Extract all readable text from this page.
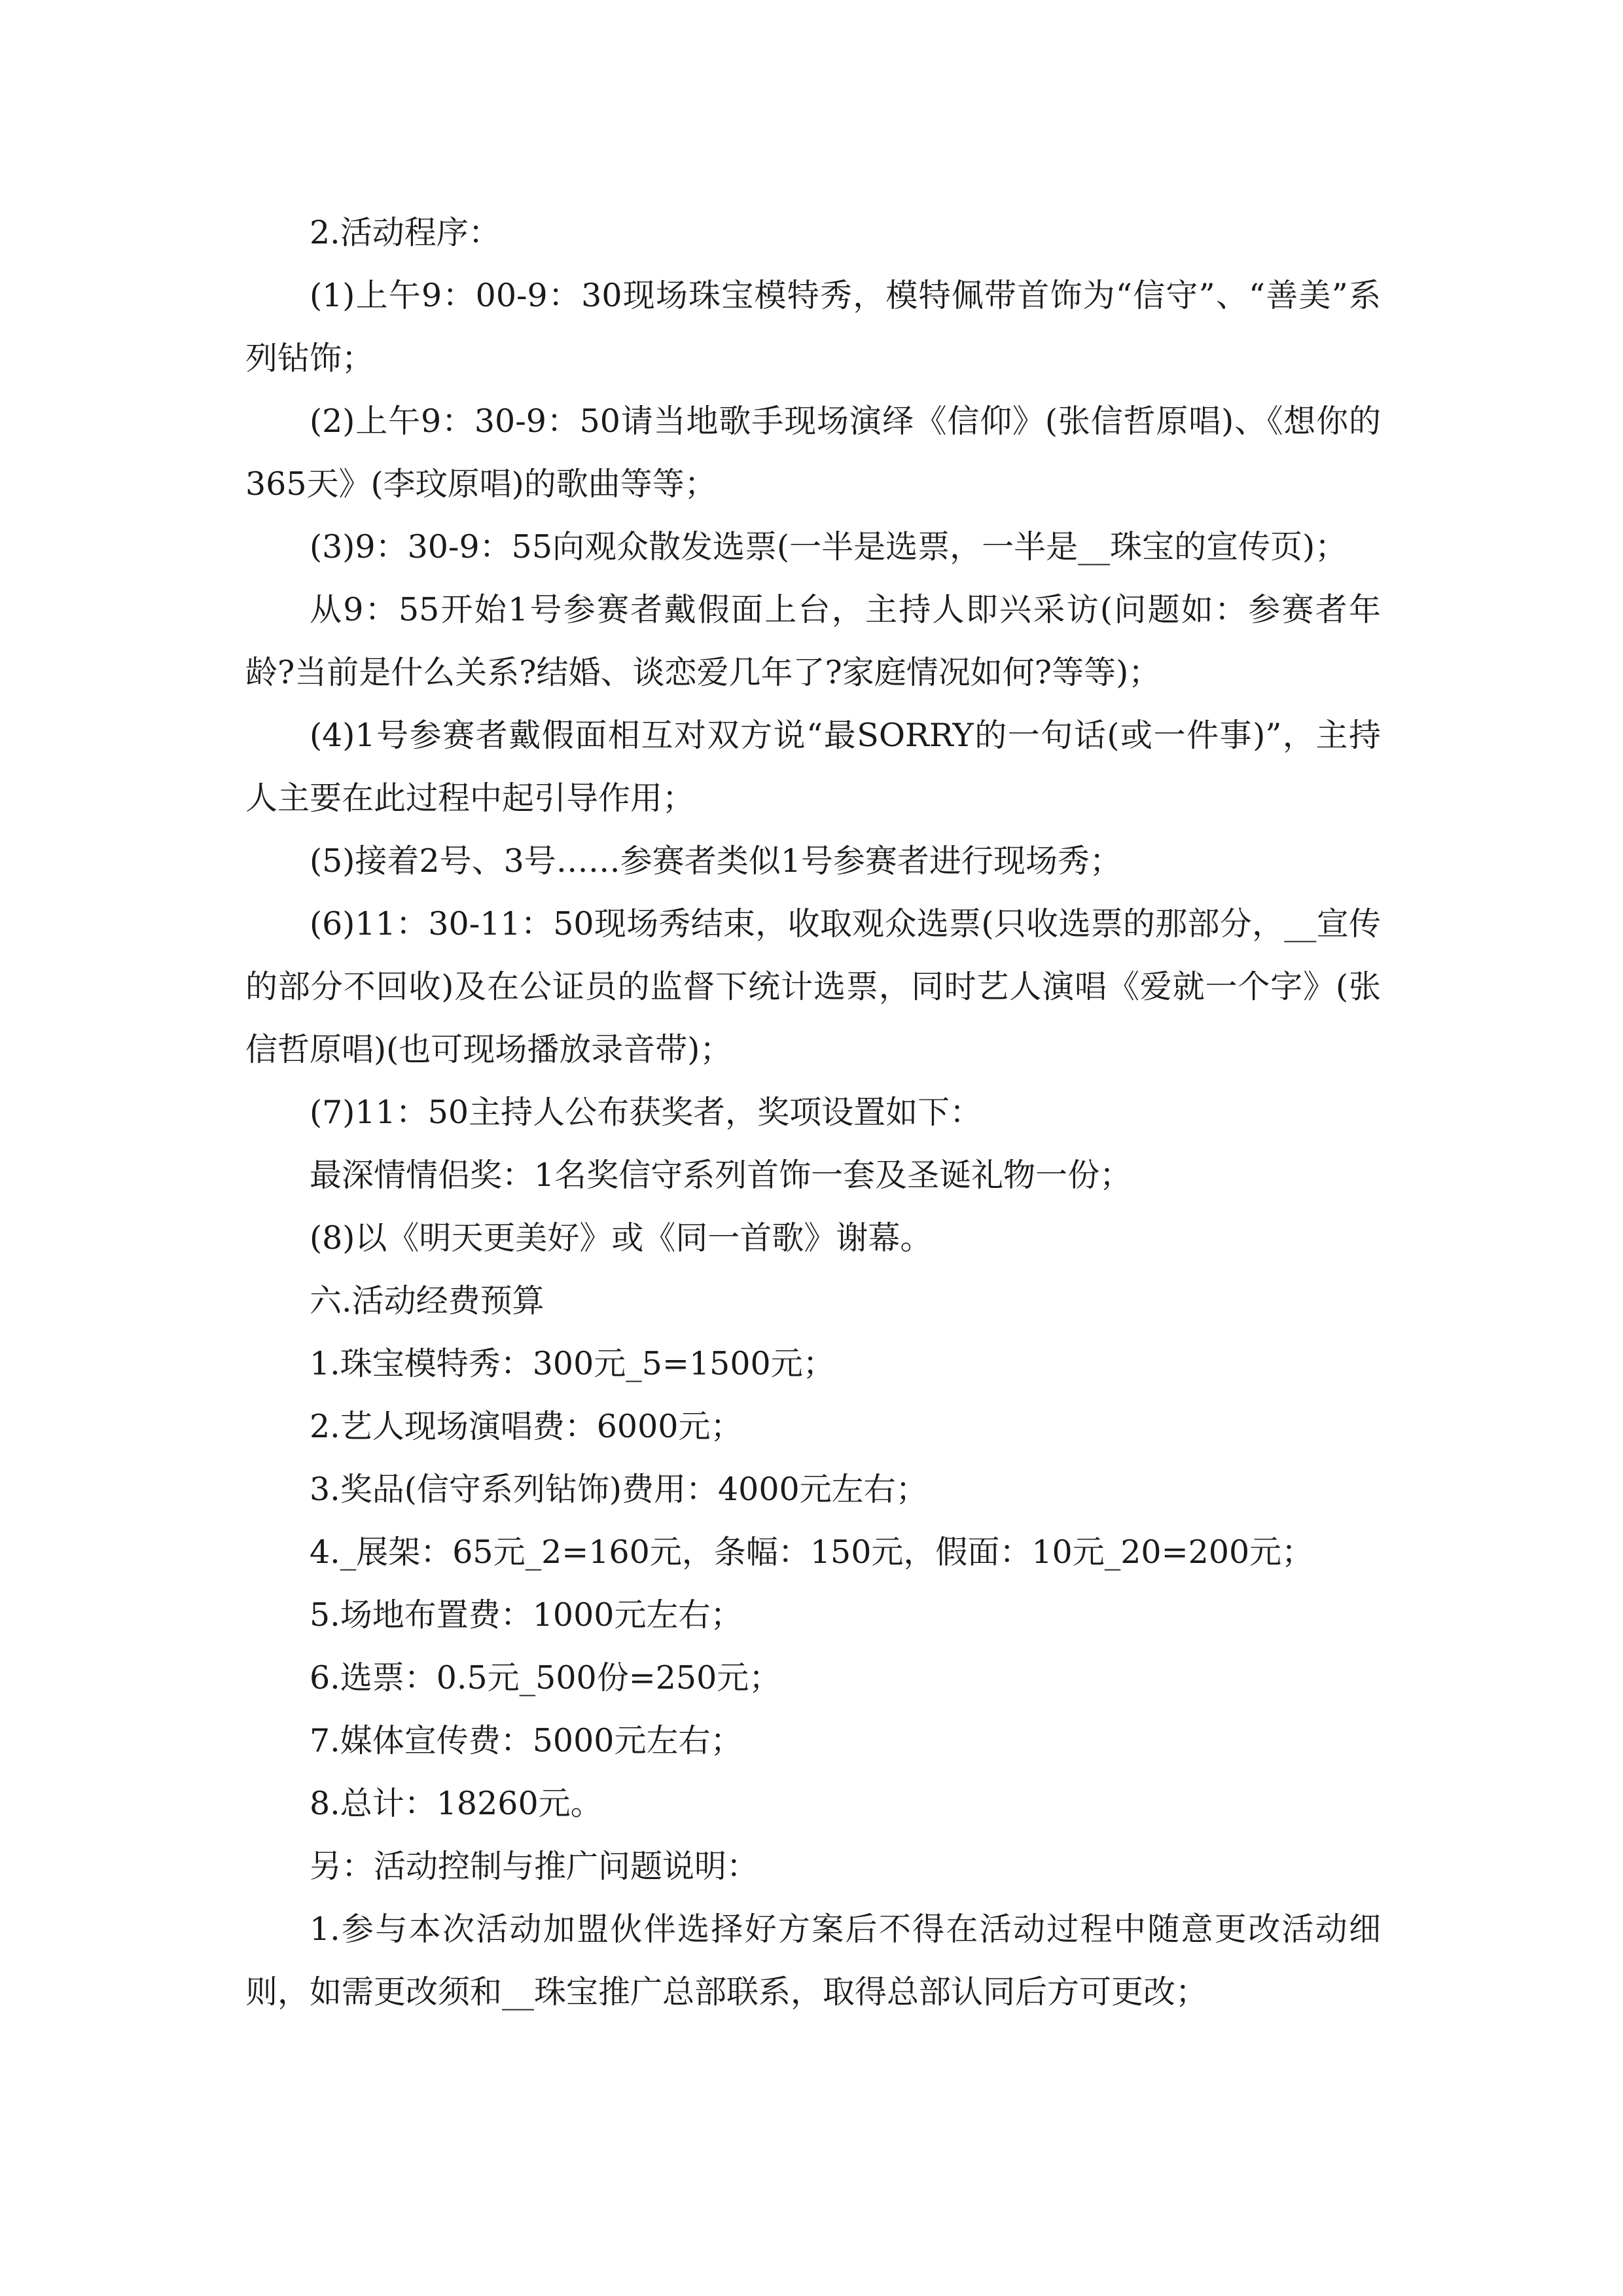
2.活动程序：

(1)上午9：00-9：30现场珠宝模特秀，模特佩带首饰为“信守”、“善美”系列钻饰；

(2)上午9：30-9：50请当地歌手现场演绎《信仰》(张信哲原唱)、《想你的365天》(李玟原唱)的歌曲等等；

(3)9：30-9：55向观众散发选票(一半是选票，一半是__珠宝的宣传页)；

从9：55开始1号参赛者戴假面上台，主持人即兴采访(问题如：参赛者年龄?当前是什么关系?结婚、谈恋爱几年了?家庭情况如何?等等)；

(4)1号参赛者戴假面相互对双方说“最SORRY的一句话(或一件事)”，主持人主要在此过程中起引导作用；

(5)接着2号、3号……参赛者类似1号参赛者进行现场秀；

(6)11：30-11：50现场秀结束，收取观众选票(只收选票的那部分，__宣传的部分不回收)及在公证员的监督下统计选票，同时艺人演唱《爱就一个字》(张信哲原唱)(也可现场播放录音带)；

(7)11：50主持人公布获奖者，奖项设置如下：

最深情情侣奖：1名奖信守系列首饰一套及圣诞礼物一份；

(8)以《明天更美好》或《同一首歌》谢幕。

六.活动经费预算

1.珠宝模特秀：300元_5=1500元；

2.艺人现场演唱费：6000元；

3.奖品(信守系列钻饰)费用：4000元左右；

4._展架：65元_2=160元，条幅：150元，假面：10元_20=200元；

5.场地布置费：1000元左右；

6.选票：0.5元_500份=250元；

7.媒体宣传费：5000元左右；

8.总计：18260元。

另：活动控制与推广问题说明：

1.参与本次活动加盟伙伴选择好方案后不得在活动过程中随意更改活动细则，如需更改须和__珠宝推广总部联系，取得总部认同后方可更改；
